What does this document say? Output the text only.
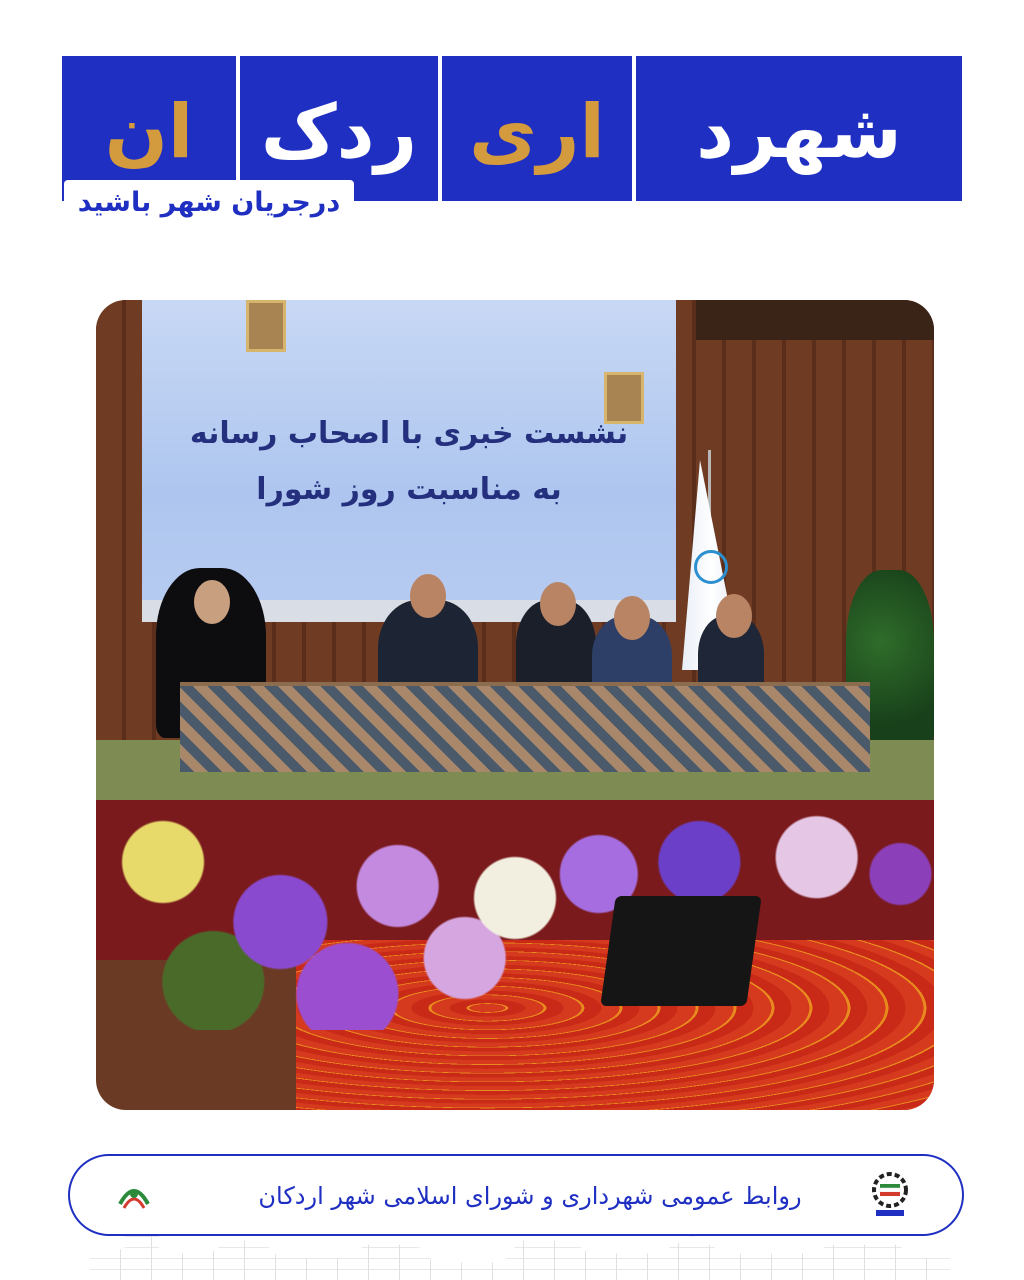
ان ردک اری	شهرد
درجریان شهر باشید
نشست خبری با اصحاب رسانه
به مناسبت روز شورا
روابط عمومی شهرداری و شورای اسلامی شهر اردکان
